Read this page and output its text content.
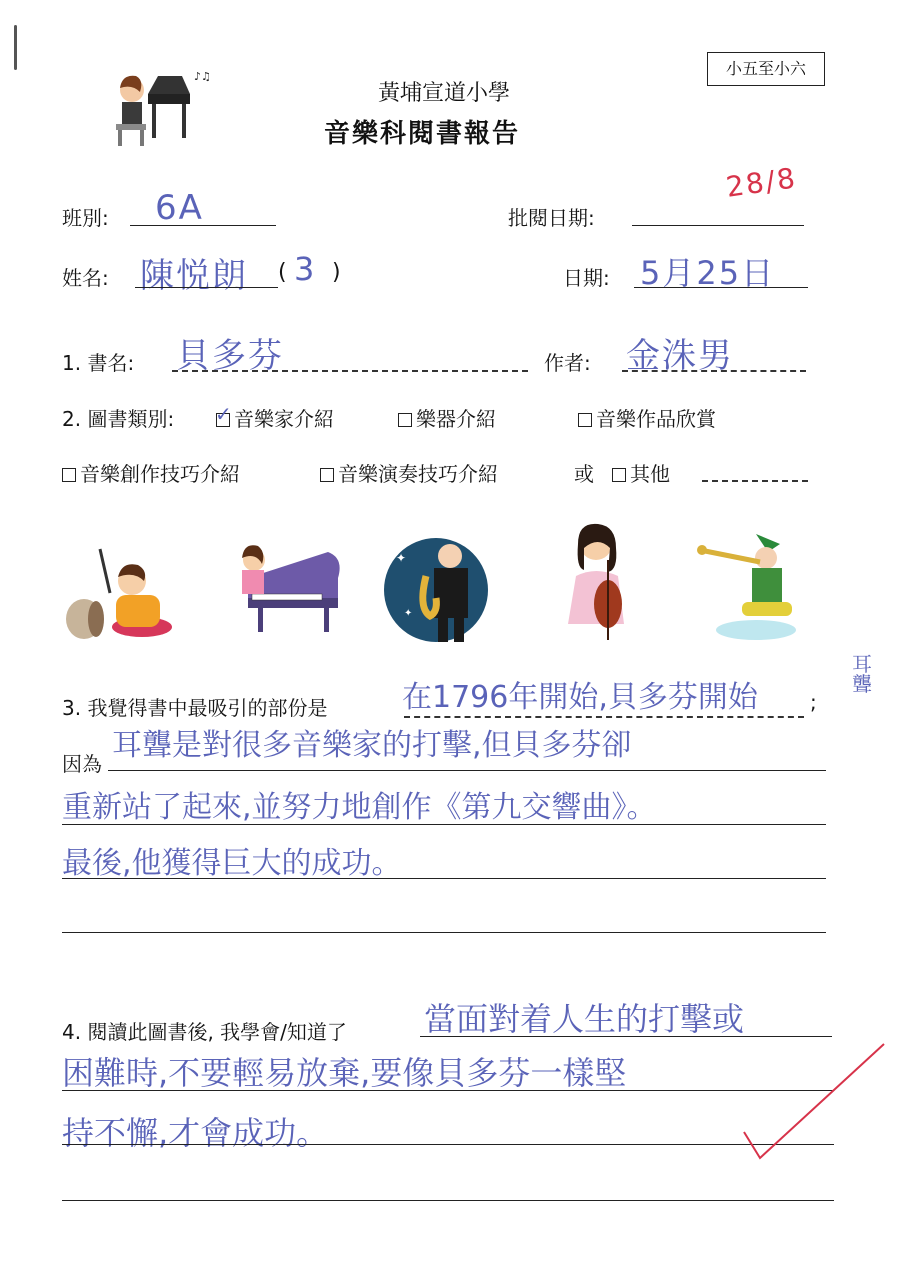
♪♫
黃埔宣道小學
音樂科閱書報告
小五至小六
班別: 6A	批閱日期:
28/8
姓名: 陳悦朗 ( 3 )	日期: 5月25日
1. 書名: 貝多芬	作者: 金洙男
2. 圖書類別: ✓ 音樂家介紹	樂器介紹	音樂作品欣賞
音樂創作技巧介紹	音樂演奏技巧介紹	或	其他
✦
✦
3. 我覺得書中最吸引的部份是 在1796年開始,貝多芬開始
耳聾
;
因為
耳聾是對很多音樂家的打擊,但貝多芬卻
重新站了起來,並努力地創作《第九交響曲》。
最後,他獲得巨大的成功。
4. 閱讀此圖書後, 我學會/知道了 當面對着人生的打擊或
困難時,不要輕易放棄,要像貝多芬一樣堅
持不懈,才會成功。
